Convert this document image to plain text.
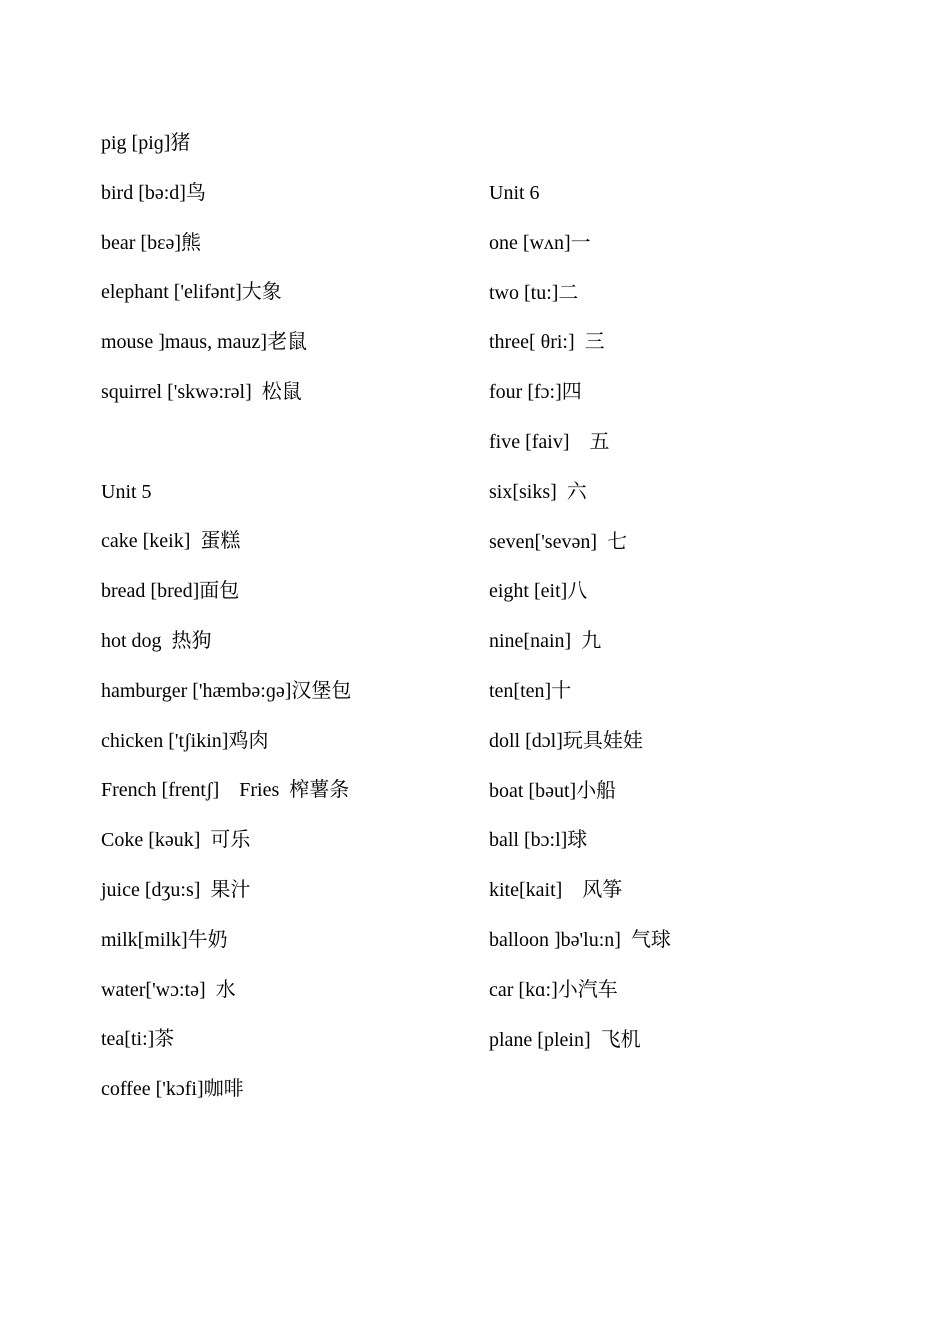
pig [piɡ]猪
bird [bə:d]鸟
bear [bεə]熊
elephant ['elifənt]大象
mouse ]maus, mauz]老鼠
squirrel ['skwə:rəl]  松鼠
Unit 5
cake [keik]  蛋糕
bread [bred]面包
hot dog  热狗
hamburger ['hæmbə:ɡə]汉堡包
chicken ['tʃikin]鸡肉
French [frentʃ]    Fries  榨薯条
Coke [kəuk]  可乐
juice [dʒu:s]  果汁
milk[milk]牛奶
water['wɔ:tə]  水
tea[ti:]茶
coffee ['kɔfi]咖啡
Unit 6
one [wʌn]一
two [tu:]二
three[ θri:]  三
four [fɔ:]四
five [faiv]    五
six[siks]  六
seven['sevən]  七
eight [eit]八
nine[nain]  九
ten[ten]十
doll [dɔl]玩具娃娃
boat [bəut]小船
ball [bɔ:l]球
kite[kait]    风筝
balloon ]bə'lu:n]  气球
car [kɑ:]小汽车
plane [plein]  飞机
